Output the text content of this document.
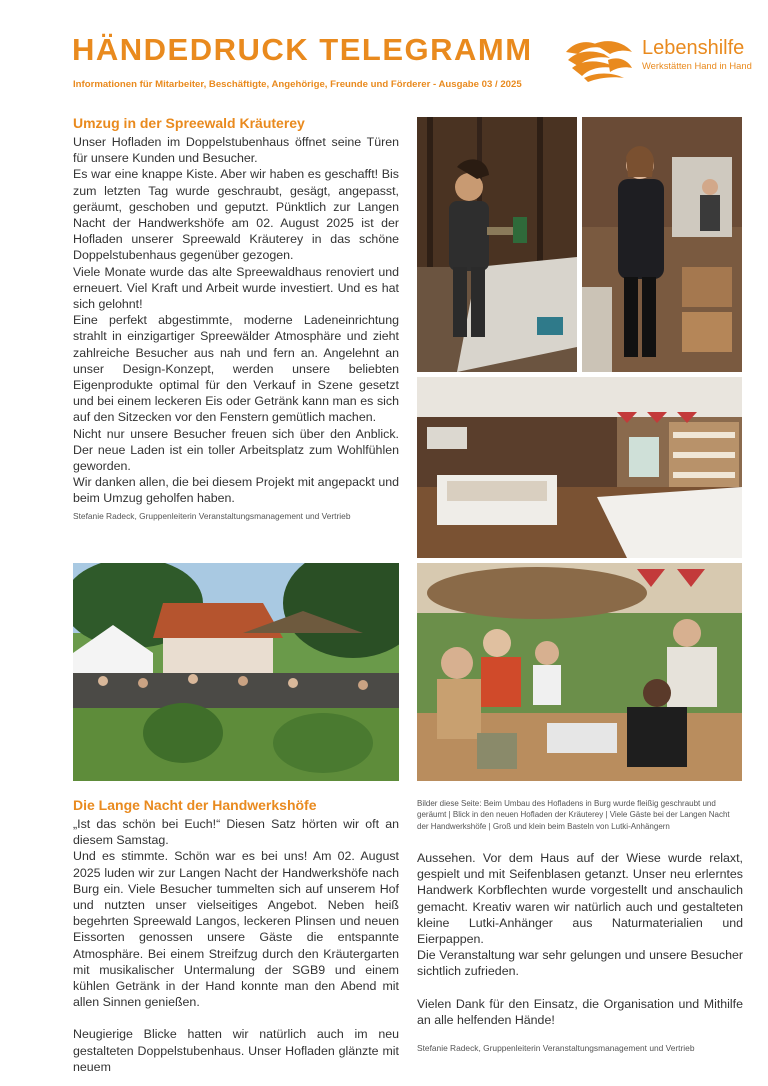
HÄNDEDRUCK TELEGRAMM
Informationen für Mitarbeiter, Beschäftigte, Angehörige, Freunde und Förderer - Ausgabe 03 / 2025
Lebenshilfe
Werkstätten Hand in Hand
Umzug in der Spreewald Kräuterey

Unser Hofladen im Doppelstubenhaus öffnet seine Türen für unsere Kunden und Besucher.

Es war eine knappe Kiste. Aber wir haben es geschafft! Bis zum letzten Tag wurde geschraubt, gesägt, angepasst, geräumt, geschoben und geputzt. Pünktlich zur Langen Nacht der Handwerkshöfe am 02. August 2025 ist der Hofladen unserer Spreewald Kräuterey in das schöne Doppelstubenhaus gegenüber gezogen.

Viele Monate wurde das alte Spreewaldhaus renoviert und erneuert. Viel Kraft und Arbeit wurde investiert. Und es hat sich gelohnt!

Eine perfekt abgestimmte, moderne Ladeneinrichtung strahlt in einzigartiger Spreewälder Atmosphäre und zieht zahlreiche Besucher aus nah und fern an. Angelehnt an unser Design-Konzept, werden unsere beliebten Eigenprodukte optimal für den Verkauf in Szene gesetzt und bei einem leckeren Eis oder Getränk kann man es sich auf den Sitzecken vor den Fenstern gemütlich machen.

Nicht nur unsere Besucher freuen sich über den Anblick. Der neue Laden ist ein toller Arbeitsplatz zum Wohlfühlen geworden.

Wir danken allen, die bei diesem Projekt mit angepackt und beim Umzug geholfen haben.

Stefanie Radeck, Gruppenleiterin Veranstaltungsmanagement und Vertrieb
Bilder diese Seite: Beim Umbau des Hofladens in Burg wurde fleißig geschraubt und geräumt | Blick in den neuen Hofladen der Kräuterey | Viele Gäste bei der Langen Nacht der Handwerkshöfe | Groß und klein beim Basteln von Lutki-Anhängern
Die Lange Nacht der Handwerkshöfe

„Ist das schön bei Euch!“ Diesen Satz hörten wir oft an diesem Samstag.

Und es stimmte. Schön war es bei uns! Am 02. August 2025 luden wir zur Langen Nacht der Handwerkshöfe nach Burg ein. Viele Besucher tummelten sich auf unserem Hof und nutzten unser vielseitiges Angebot. Neben heiß begehrten Spreewald Langos, leckeren Plinsen und neuen Eissorten genossen unsere Gäste die entspannte Atmosphäre. Bei einem Streifzug durch den Kräutergarten mit musikalischer Untermalung der SGB9 und einem kühlen Getränk in der Hand konnte man den Abend mit allen Sinnen genießen.

Neugierige Blicke hatten wir natürlich auch im neu gestalteten Doppelstubenhaus. Unser Hofladen glänzte mit neuem

Aussehen. Vor dem Haus auf der Wiese wurde relaxt, gespielt und mit Seifenblasen getanzt. Unser neu erlerntes Handwerk Korbflechten wurde vorgestellt und anschaulich gemacht. Kreativ waren wir natürlich auch und gestalteten kleine Lutki-Anhänger aus Naturmaterialien und Eierpappen.

Die Veranstaltung war sehr gelungen und unsere Besucher sichtlich zufrieden.

Vielen Dank für den Einsatz, die Organisation und Mithilfe an alle helfenden Hände!

Stefanie Radeck, Gruppenleiterin Veranstaltungsmanagement und Vertrieb
